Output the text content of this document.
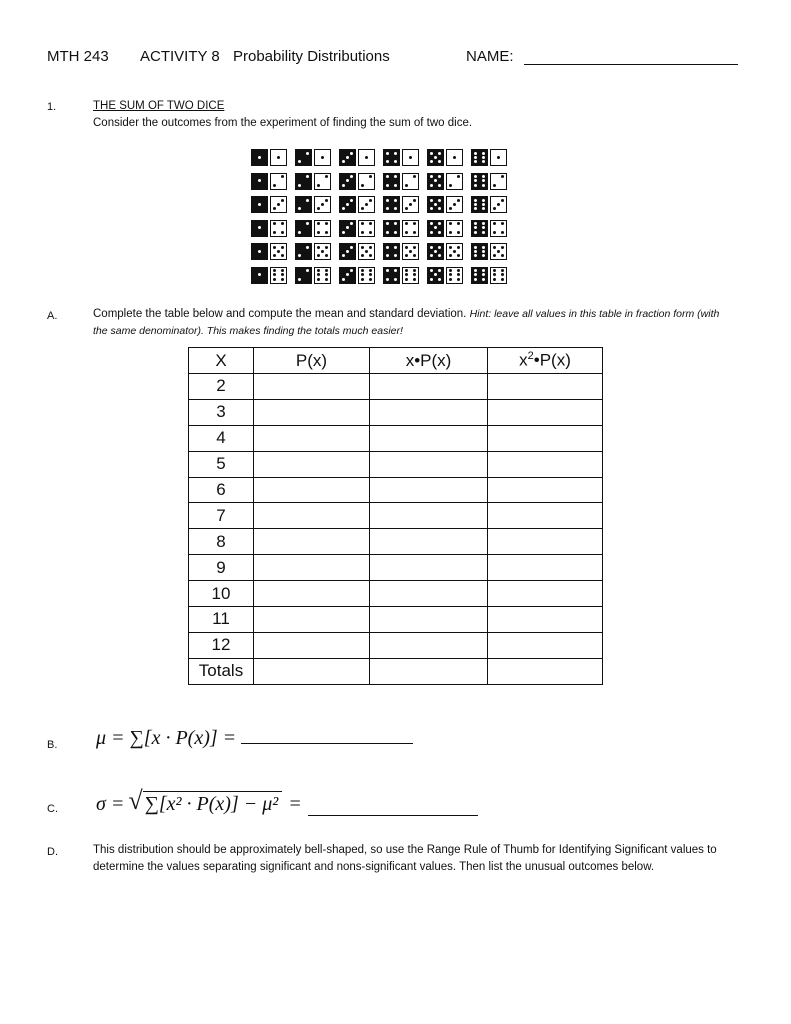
MTH 243 ACTIVITY 8 Probability Distributions	NAME:
1.	THE SUM OF TWO DICE
Consider the outcomes from the experiment of finding the sum of two dice.
A.	Complete the table below and compute the mean and standard deviation. Hint: leave all values in this table in fraction form (with the same denominator). This makes finding the totals much easier!
X	P(x)	x•P(x)	$x^2•P(x)$
2			
3			
4			
5			
6			
7			
8			
9			
10			
11			
12			
Totals			
B. μ = ∑[x · P(x)] =
C. σ = √ ∑[x² · P(x)] − μ² =
D.	This distribution should be approximately bell-shaped, so use the Range Rule of Thumb for Identifying Significant values to determine the values separating significant and nons-significant values. Then list the unusual outcomes below.
